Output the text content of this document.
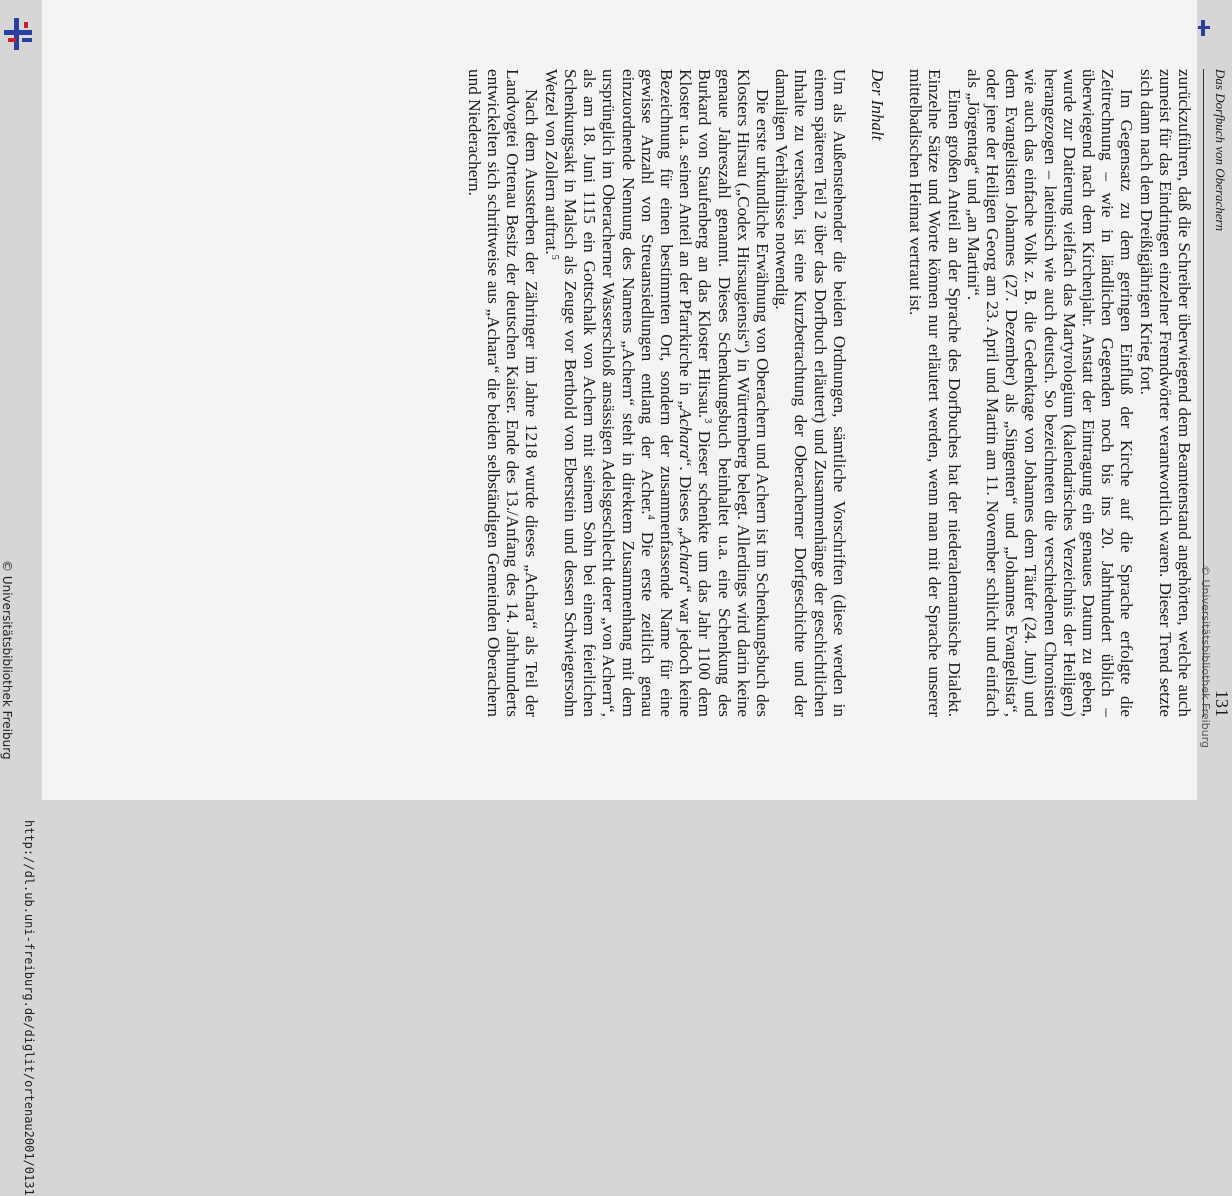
Das Dorfbuch von Oberachern
131

zurückzuführen, daß die Schreiber überwiegend dem Beamtenstand angehörten, welche auch zumeist für das Eindringen einzelner Fremdwörter verantwortlich waren. Dieser Trend setzte sich dann nach dem Dreißigjährigen Krieg fort.

Im Gegensatz zu dem geringen Einfluß der Kirche auf die Sprache erfolgte die Zeitrechnung – wie in ländlichen Gegenden noch bis ins 20. Jahrhundert üblich – überwiegend nach dem Kirchenjahr. Anstatt der Eintragung ein genaues Datum zu geben, wurde zur Datierung vielfach das Martyrologium (kalendarisches Verzeichnis der Heiligen) herangezogen – lateinisch wie auch deutsch. So bezeichneten die verschiedenen Chronisten wie auch das einfache Volk z. B. die Gedenktage von Johannes dem Täufer (24. Juni) und dem Evangelisten Johannes (27. Dezember) als „Singenten“ und „Johannes Evangelista“, oder jene der Heiligen Georg am 23. April und Martin am 11. November schlicht und einfach als „Jörgentag“ und „an Martini“.

Einen großen Anteil an der Sprache des Dorfbuches hat der niederalemannische Dialekt. Einzelne Sätze und Worte können nur erläutert werden, wenn man mit der Sprache unserer mittelbadischen Heimat vertraut ist.

Der Inhalt

Um als Außenstehender die beiden Ordnungen, sämtliche Vorschriften (diese werden in einem späteren Teil 2 über das Dorfbuch erläutert) und Zusammenhänge der geschichtlichen Inhalte zu verstehen, ist eine Kurzbetrachtung der Oberacherner Dorfgeschichte und der damaligen Verhältnisse notwendig.

Die erste urkundliche Erwähnung von Oberachern und Achern ist im Schenkungsbuch des Klosters Hirsau („Codex Hirsaugiensis“) in Württemberg belegt. Allerdings wird darin keine genaue Jahreszahl genannt. Dieses Schenkungsbuch beinhaltet u.a. eine Schenkung des Burkard von Staufenberg an das Kloster Hirsau.$^3$ Dieser schenkte um das Jahr 1100 dem Kloster u.a. seinen Anteil an der Pfarrkirche in „Achara“. Dieses „Achara“ war jedoch keine Bezeichnung für einen bestimmten Ort, sondern der zusammenfassende Name für eine gewisse Anzahl von Streuansiedlungen entlang der Acher.$^4$ Die erste zeitlich genau einzuordnende Nennung des Namens „Achern“ steht in direktem Zusammenhang mit dem ursprünglich im Oberacherner Wasserschloß ansässigen Adelsgeschlecht derer „von Achern“, als am 18. Juni 1115 ein Gottschalk von Achern mit seinem Sohn bei einem feierlichen Schenkungsakt in Malsch als Zeuge vor Berthold von Eberstein und dessen Schwiegersohn Wetzel von Zollern auftrat.$^5$

Nach dem Aussterben der Zähringer im Jahre 1218 wurde dieses „Achara“ als Teil der Landvogtei Ortenau Besitz der deutschen Kaiser. Ende des 13./Anfang des 14. Jahrhunderts entwickelten sich schrittweise aus „Achara“ die beiden selbständigen Gemeinden Oberachern und Niederachern.

http://dl.ub.uni-freiburg.de/diglit/ortenau2001/0131
© Universitätsbibliothek Freiburg	© Universitätsbibliothek Freiburg
